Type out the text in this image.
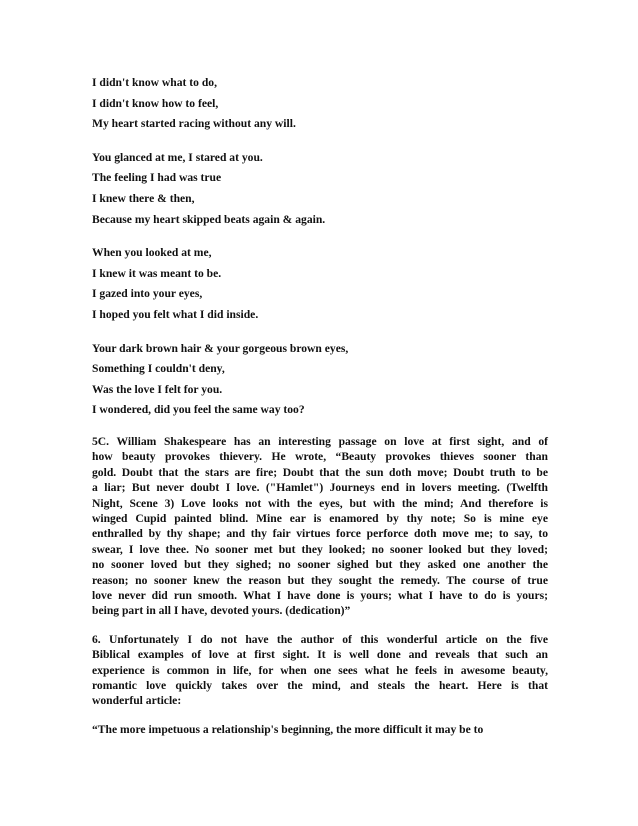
I didn't know what to do,
I didn't know how to feel,
My heart started racing without any will.
You glanced at me, I stared at you.
The feeling I had was true
I knew there & then,
Because my heart skipped beats again & again.
When you looked at me,
I knew it was meant to be.
I gazed into your eyes,
I hoped you felt what I did inside.
Your dark brown hair & your gorgeous brown eyes,
Something I couldn't deny,
Was the love I felt for you.
I wondered, did you feel the same way too?
5C. William Shakespeare has an interesting passage on love at first sight, and of
how beauty provokes thievery. He wrote, “Beauty provokes thieves sooner than
gold. Doubt that the stars are fire; Doubt that the sun doth move; Doubt truth to be
a liar; But never doubt I love. ("Hamlet") Journeys end in lovers meeting. (Twelfth
Night, Scene 3) Love looks not with the eyes, but with the mind; And therefore is
winged Cupid painted blind. Mine ear is enamored by thy note; So is mine eye
enthralled by thy shape; and thy fair virtues force perforce doth move me; to say, to
swear, I love thee. No sooner met but they looked; no sooner looked but they loved;
no sooner loved but they sighed; no sooner sighed but they asked one another the
reason; no sooner knew the reason but they sought the remedy. The course of true
love never did run smooth. What I have done is yours; what I have to do is yours;
being part in all I have, devoted yours. (dedication)”
6. Unfortunately I do not have the author of this wonderful article on the five
Biblical examples of love at first sight. It is well done and reveals that such an
experience is common in life, for when one sees what he feels in awesome beauty,
romantic love quickly takes over the mind, and steals the heart. Here is that
wonderful article:
“The more impetuous a relationship's beginning, the more difficult it may be to
